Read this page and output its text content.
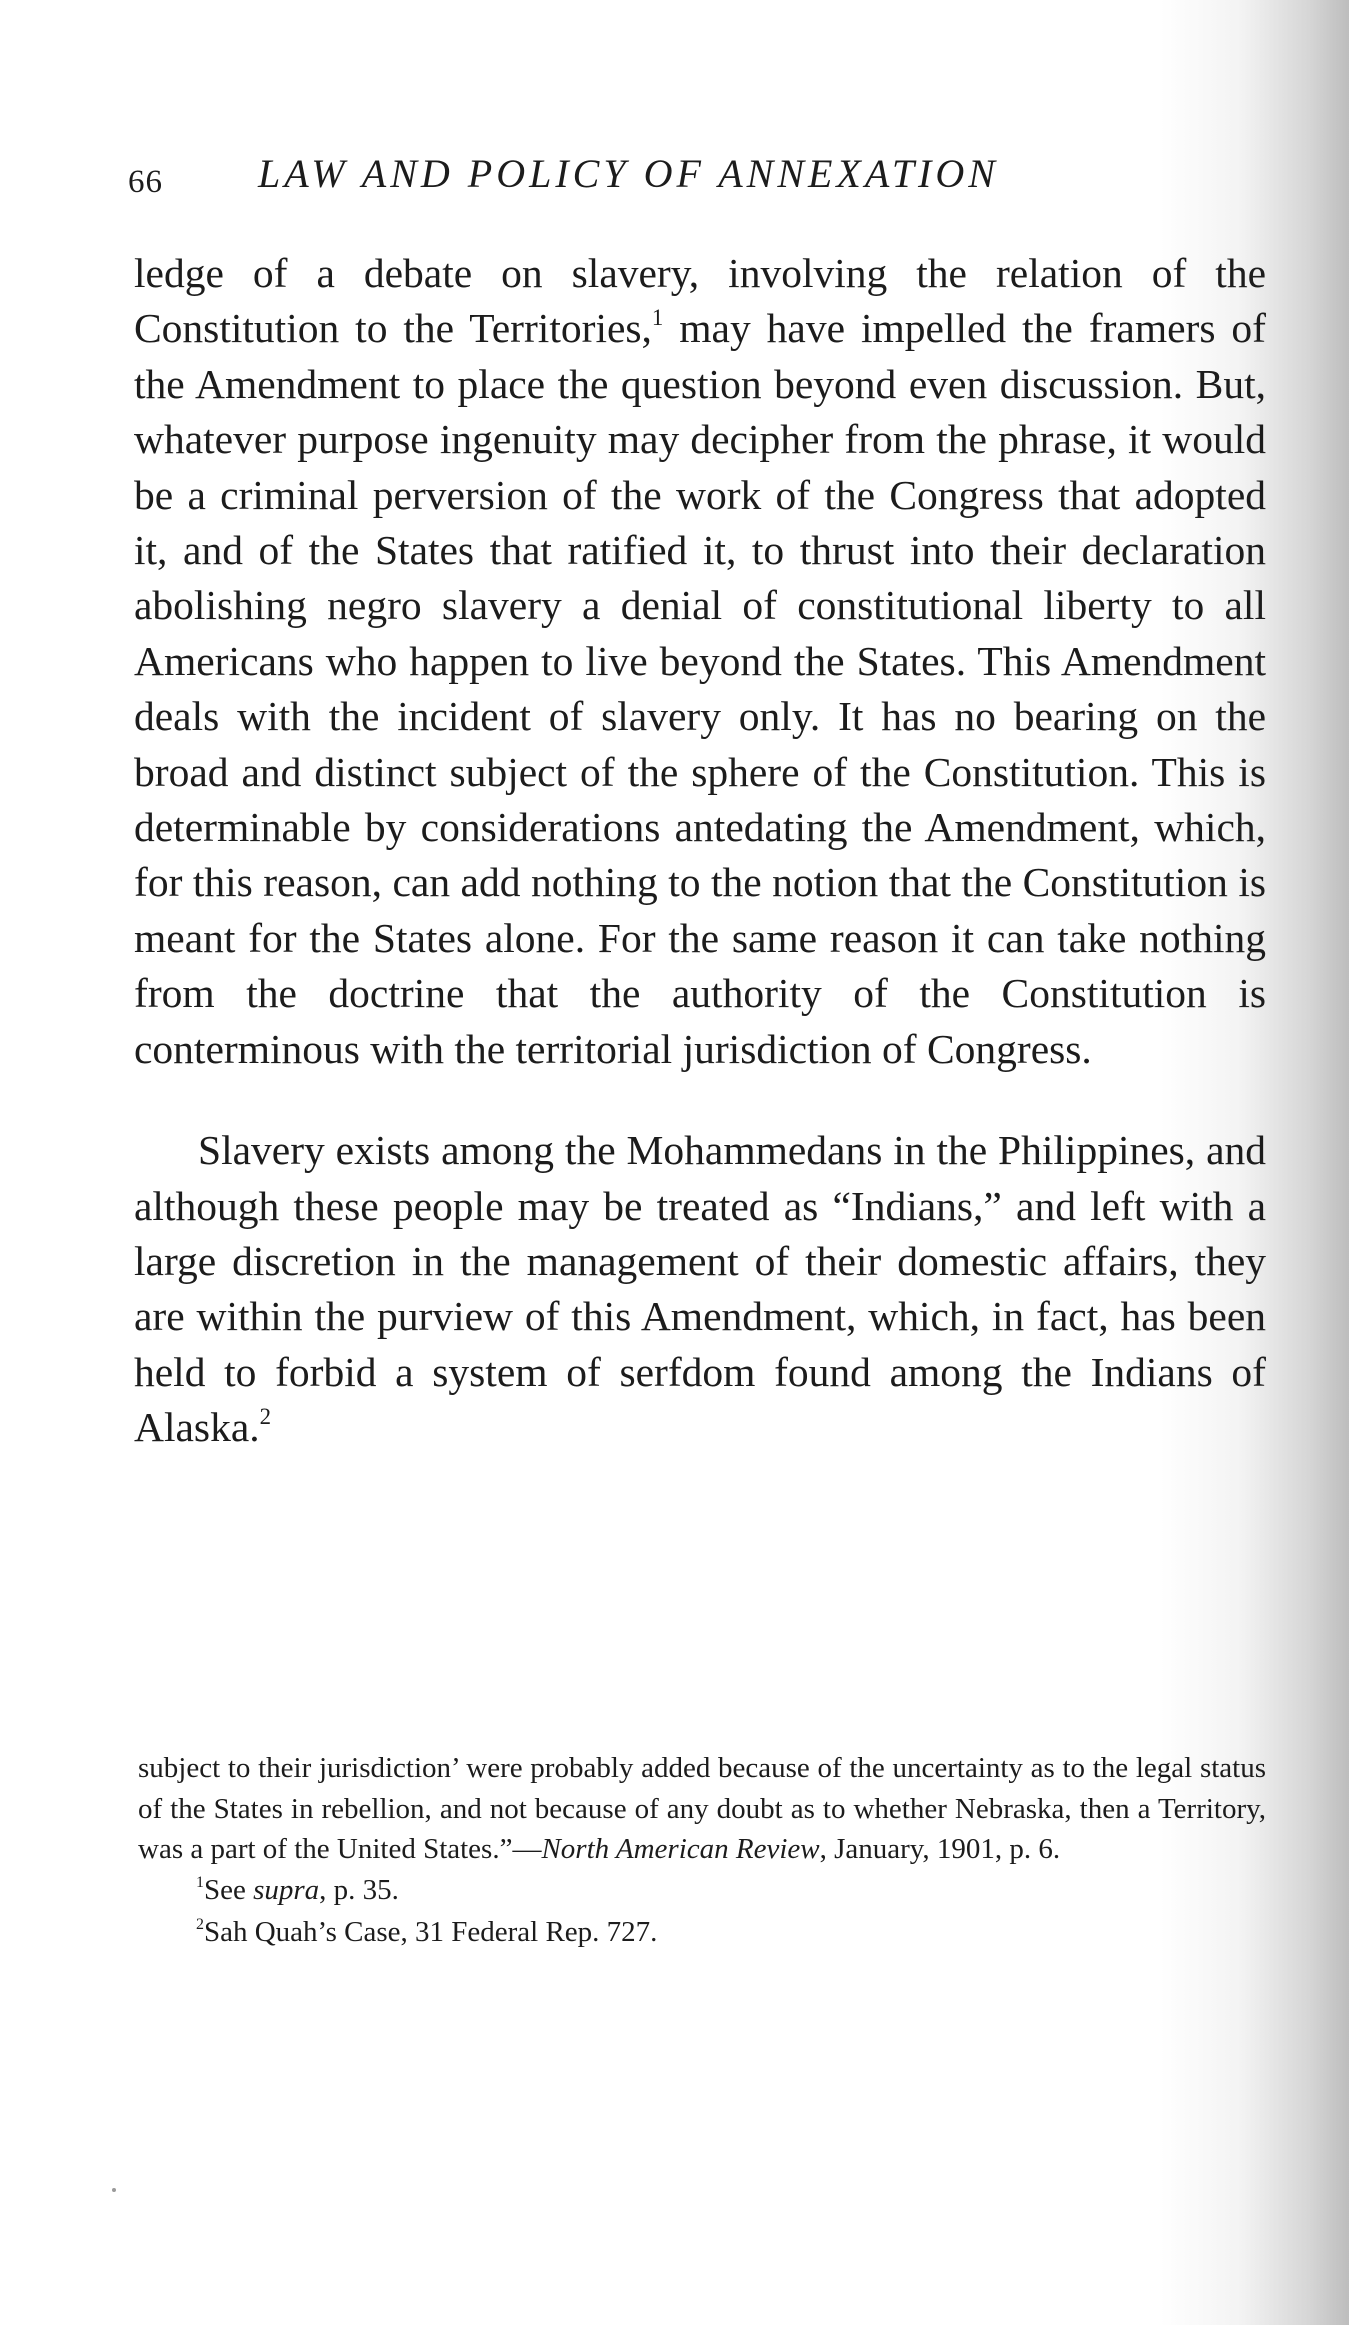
66 LAW AND POLICY OF ANNEXATION

ledge of a debate on slavery, involving the relation of the Constitution to the Territories,$^1$ may have impelled the framers of the Amendment to place the question beyond even discussion. But, whatever purpose ingenuity may decipher from the phrase, it would be a criminal perversion of the work of the Congress that adopted it, and of the States that ratified it, to thrust into their declaration abolishing negro slavery a denial of constitutional liberty to all Americans who happen to live beyond the States. This Amendment deals with the incident of slavery only. It has no bearing on the broad and distinct subject of the sphere of the Constitution. This is determinable by considerations antedating the Amendment, which, for this reason, can add nothing to the notion that the Constitution is meant for the States alone. For the same reason it can take nothing from the doctrine that the authority of the Constitution is conterminous with the territorial jurisdiction of Congress.

Slavery exists among the Mohammedans in the Philippines, and although these people may be treated as “Indians,” and left with a large discretion in the management of their domestic affairs, they are within the purview of this Amendment, which, in fact, has been held to forbid a system of serfdom found among the Indians of Alaska.$^2$

subject to their jurisdiction’ were probably added because of the uncertainty as to the legal status of the States in rebellion, and not because of any doubt as to whether Nebraska, then a Territory, was a part of the United States.”—North American Review, January, 1901, p. 6.

$^1$See supra, p. 35.

$^2$Sah Quah’s Case, 31 Federal Rep. 727.
